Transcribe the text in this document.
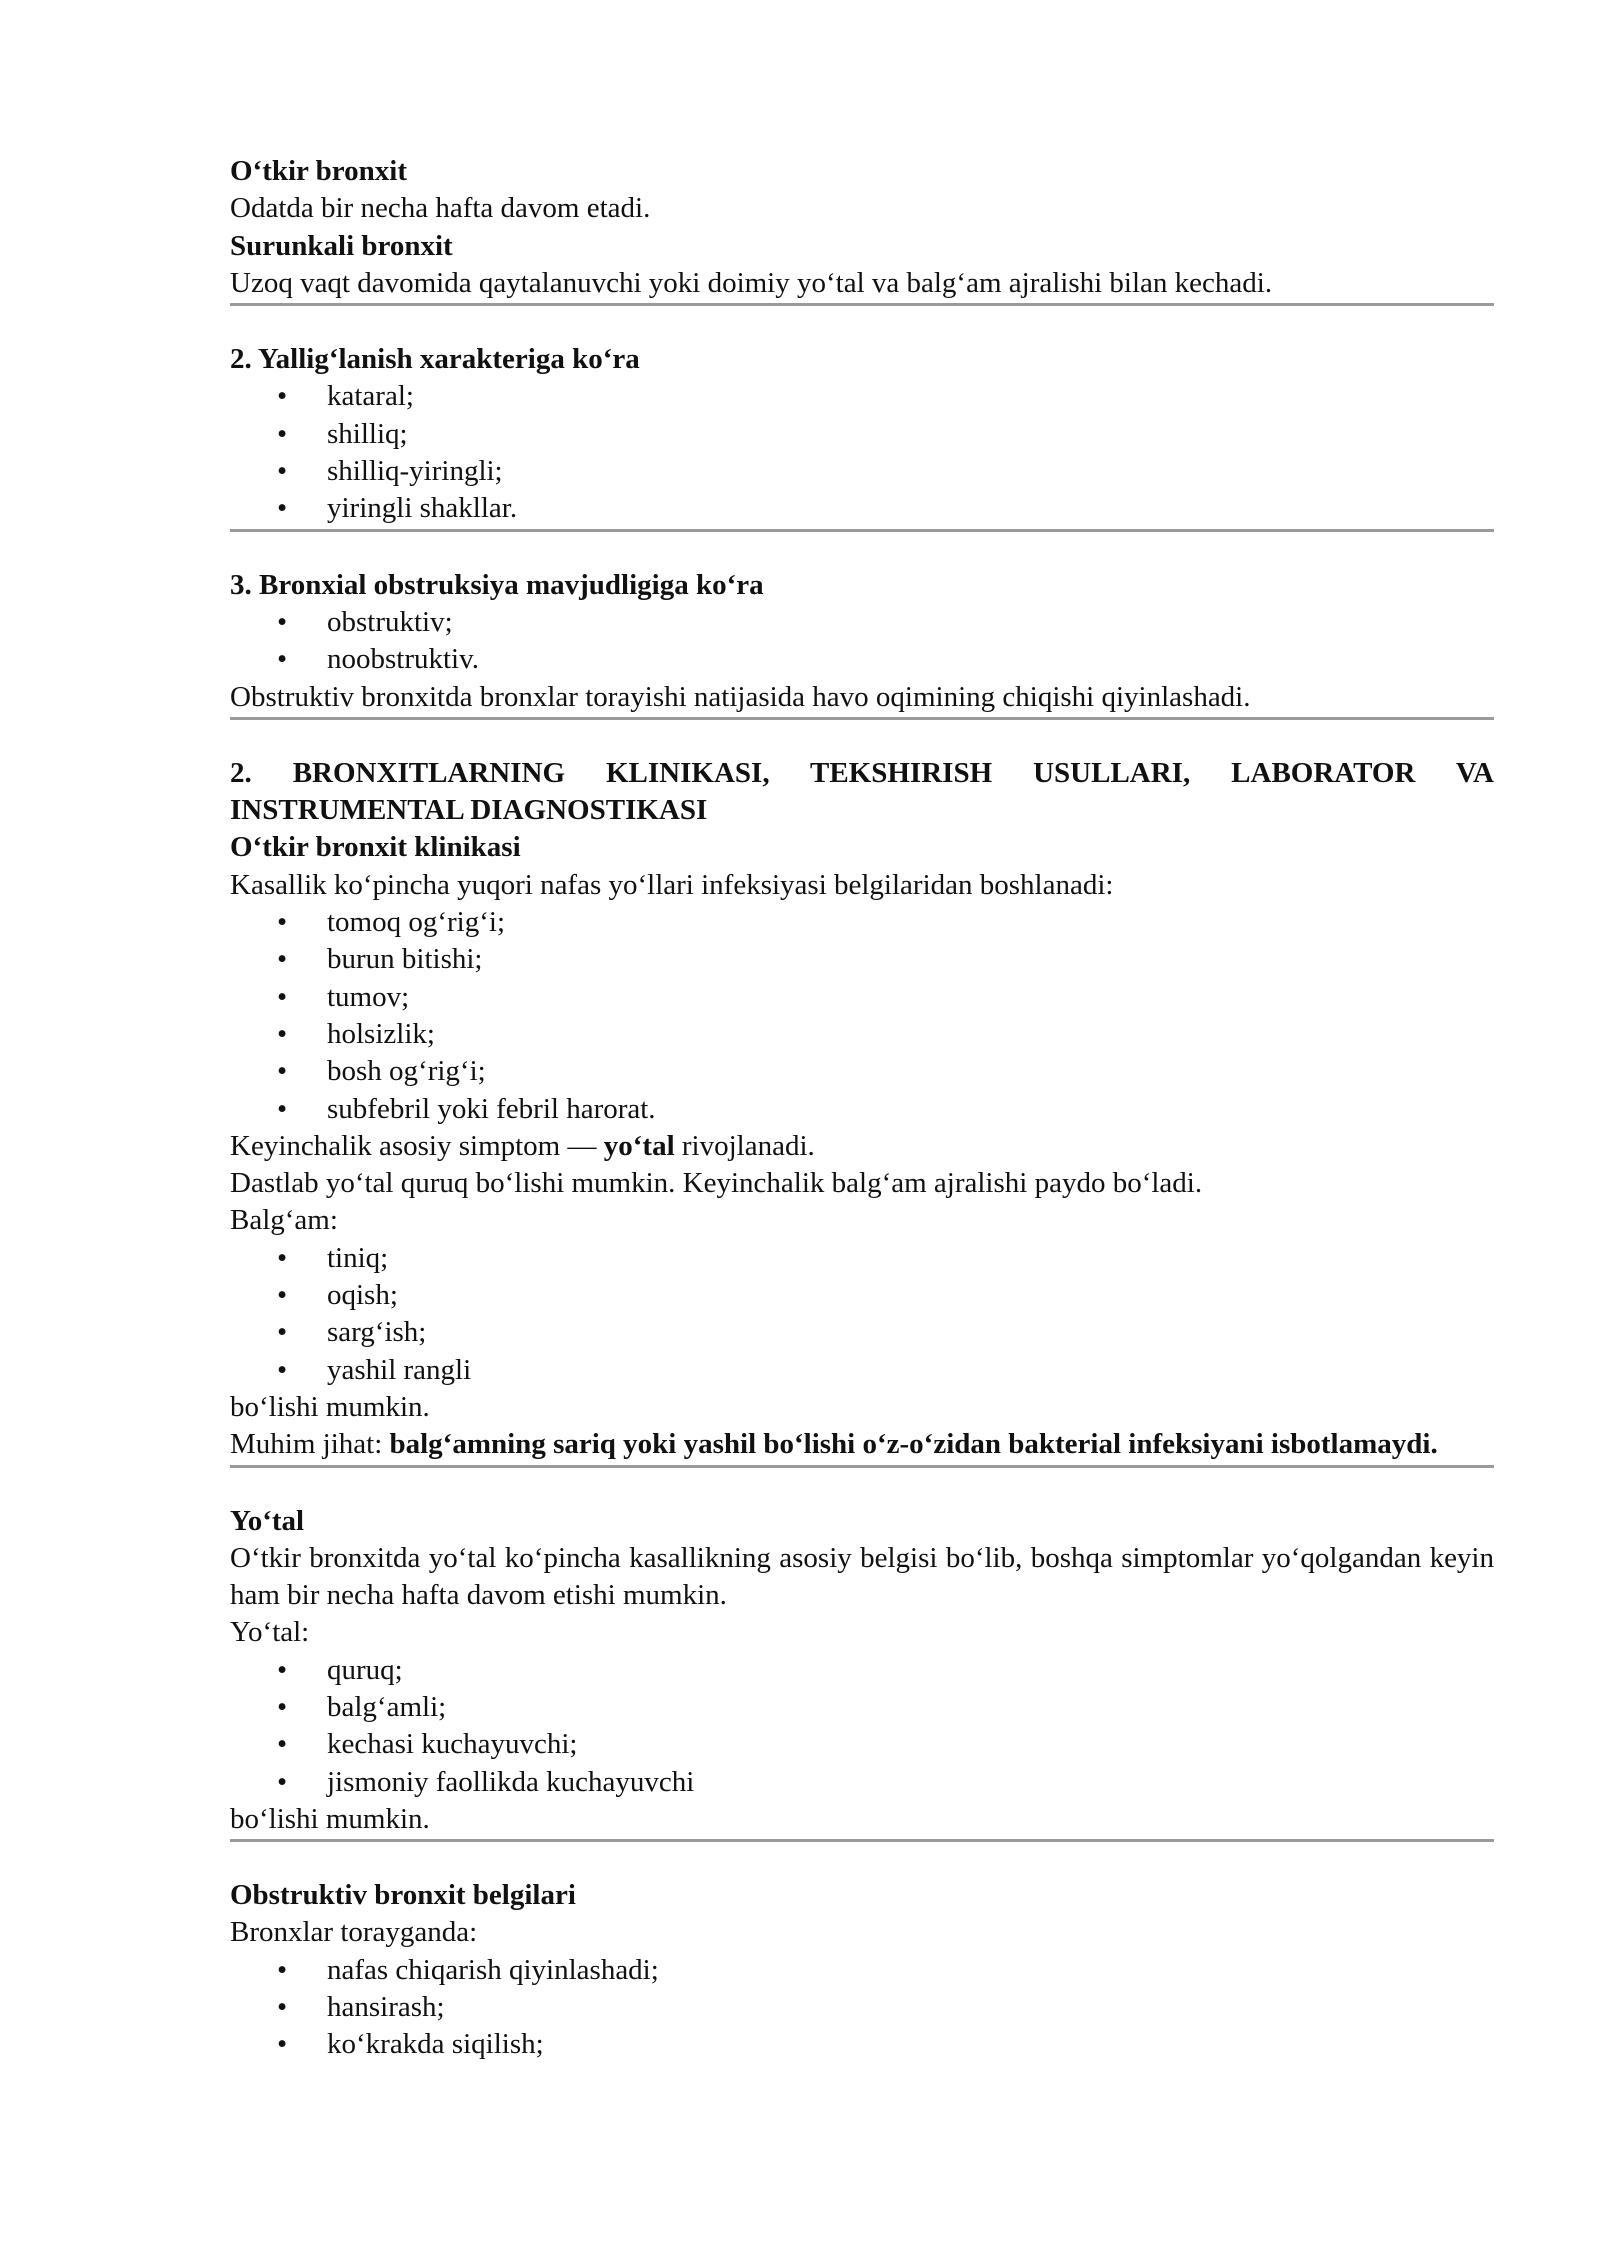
O‘tkir bronxit

Odatda bir necha hafta davom etadi.

Surunkali bronxit

Uzoq vaqt davomida qaytalanuvchi yoki doimiy yo‘tal va balg‘am ajralishi bilan kechadi.

2. Yallig‘lanish xarakteriga ko‘ra

• kataral;
• shilliq;
• shilliq-yiringli;
• yiringli shakllar.

3. Bronxial obstruksiya mavjudligiga ko‘ra

• obstruktiv;
• noobstruktiv.

Obstruktiv bronxitda bronxlar torayishi natijasida havo oqimining chiqishi qiyinlashadi.

2. BRONXITLARNING KLINIKASI, TEKSHIRISH USULLARI, LABORATOR VA INSTRUMENTAL DIAGNOSTIKASI

O‘tkir bronxit klinikasi

Kasallik ko‘pincha yuqori nafas yo‘llari infeksiyasi belgilaridan boshlanadi:

• tomoq og‘rig‘i;
• burun bitishi;
• tumov;
• holsizlik;
• bosh og‘rig‘i;
• subfebril yoki febril harorat.

Keyinchalik asosiy simptom — yo‘tal rivojlanadi.

Dastlab yo‘tal quruq bo‘lishi mumkin. Keyinchalik balg‘am ajralishi paydo bo‘ladi.

Balg‘am:

• tiniq;
• oqish;
• sarg‘ish;
• yashil rangli

bo‘lishi mumkin.

Muhim jihat: balg‘amning sariq yoki yashil bo‘lishi o‘z-o‘zidan bakterial infeksiyani isbotlamaydi.

Yo‘tal

O‘tkir bronxitda yo‘tal ko‘pincha kasallikning asosiy belgisi bo‘lib, boshqa simptomlar yo‘qolgandan keyin ham bir necha hafta davom etishi mumkin.

Yo‘tal:

• quruq;
• balg‘amli;
• kechasi kuchayuvchi;
• jismoniy faollikda kuchayuvchi

bo‘lishi mumkin.

Obstruktiv bronxit belgilari

Bronxlar torayganda:

• nafas chiqarish qiyinlashadi;
• hansirash;
• ko‘krakda siqilish;
